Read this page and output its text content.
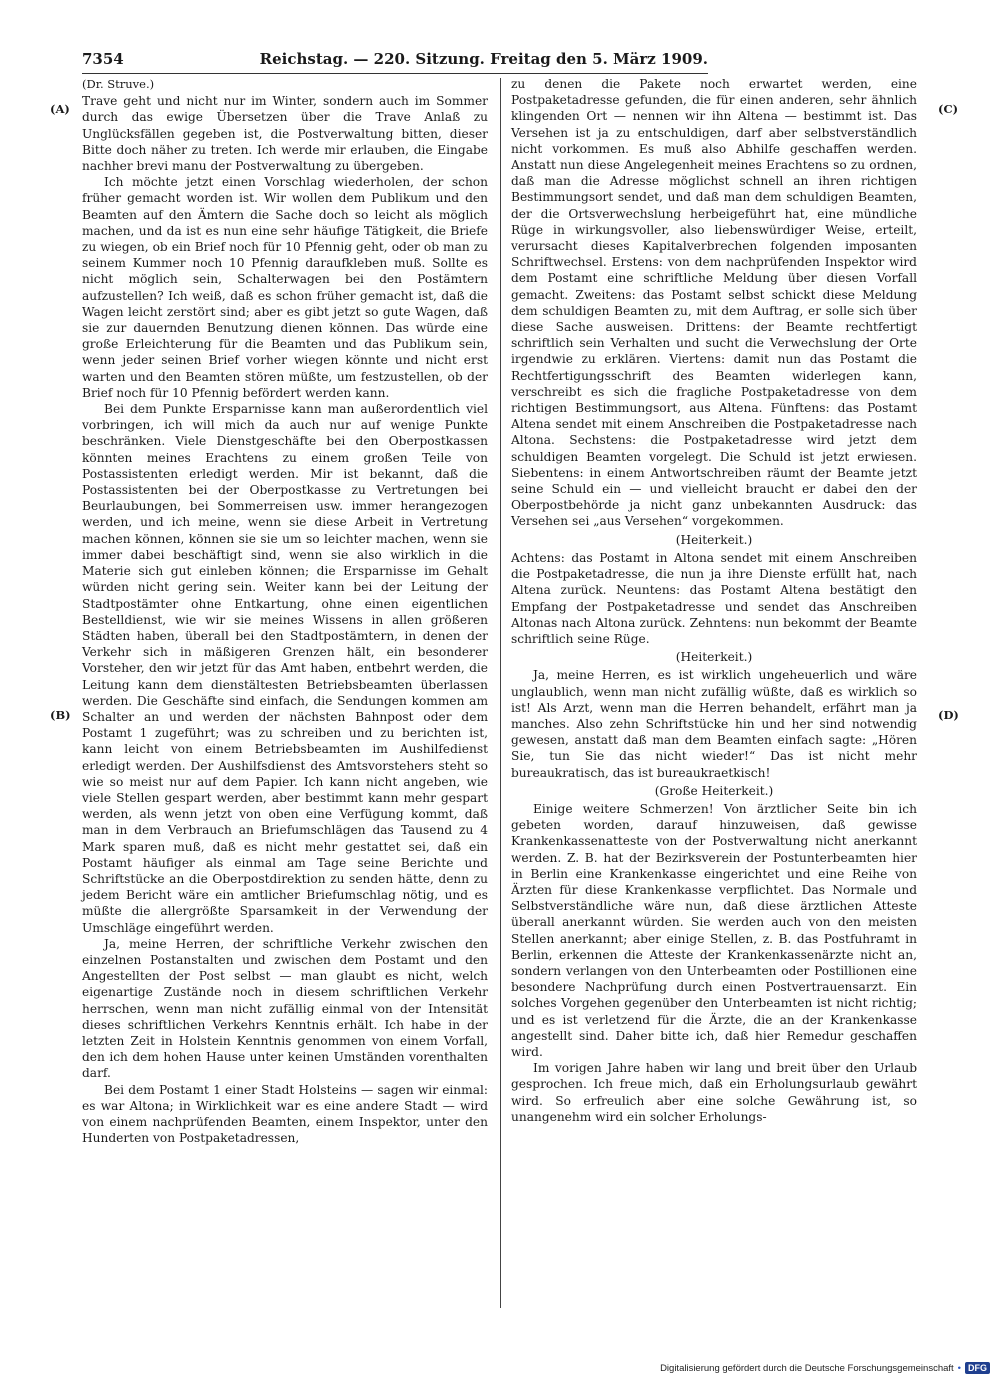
7354	Reichstag. — 220. Sitzung. Freitag den 5. März 1909.
(A)
(B)
(C)
(D)
(Dr. Struve.)

Trave geht und nicht nur im Winter, sondern auch im Sommer durch das ewige Übersetzen über die Trave Anlaß zu Unglücksfällen gegeben ist, die Postverwaltung bitten, dieser Bitte doch näher zu treten. Ich werde mir erlauben, die Eingabe nachher brevi manu der Postverwaltung zu übergeben.

Ich möchte jetzt einen Vorschlag wiederholen, der schon früher gemacht worden ist. Wir wollen dem Publikum und den Beamten auf den Ämtern die Sache doch so leicht als möglich machen, und da ist es nun eine sehr häufige Tätigkeit, die Briefe zu wiegen, ob ein Brief noch für 10 Pfennig geht, oder ob man zu seinem Kummer noch 10 Pfennig daraufkleben muß. Sollte es nicht möglich sein, Schalterwagen bei den Postämtern aufzustellen? Ich weiß, daß es schon früher gemacht ist, daß die Wagen leicht zerstört sind; aber es gibt jetzt so gute Wagen, daß sie zur dauernden Benutzung dienen können. Das würde eine große Erleichterung für die Beamten und das Publikum sein, wenn jeder seinen Brief vorher wiegen könnte und nicht erst warten und den Beamten stören müßte, um festzustellen, ob der Brief noch für 10 Pfennig befördert werden kann.

Bei dem Punkte Ersparnisse kann man außerordentlich viel vorbringen, ich will mich da auch nur auf wenige Punkte beschränken. Viele Dienstgeschäfte bei den Oberpostkassen könnten meines Erachtens zu einem großen Teile von Postassistenten erledigt werden. Mir ist bekannt, daß die Postassistenten bei der Oberpostkasse zu Vertretungen bei Beurlaubungen, bei Sommerreisen usw. immer herangezogen werden, und ich meine, wenn sie diese Arbeit in Vertretung machen können, können sie sie um so leichter machen, wenn sie immer dabei beschäftigt sind, wenn sie also wirklich in die Materie sich gut einleben können; die Ersparnisse im Gehalt würden nicht gering sein. Weiter kann bei der Leitung der Stadtpostämter ohne Entkartung, ohne einen eigentlichen Bestelldienst, wie wir sie meines Wissens in allen größeren Städten haben, überall bei den Stadtpostämtern, in denen der Verkehr sich in mäßigeren Grenzen hält, ein besonderer Vorsteher, den wir jetzt für das Amt haben, entbehrt werden, die Leitung kann dem dienstältesten Betriebsbeamten überlassen werden. Die Geschäfte sind einfach, die Sendungen kommen am Schalter an und werden der nächsten Bahnpost oder dem Postamt 1 zugeführt; was zu schreiben und zu berichten ist, kann leicht von einem Betriebsbeamten im Aushilfedienst erledigt werden. Der Aushilfsdienst des Amtsvorstehers steht so wie so meist nur auf dem Papier. Ich kann nicht angeben, wie viele Stellen gespart werden, aber bestimmt kann mehr gespart werden, als wenn jetzt von oben eine Verfügung kommt, daß man in dem Verbrauch an Briefumschlägen das Tausend zu 4 Mark sparen muß, daß es nicht mehr gestattet sei, daß ein Postamt häufiger als einmal am Tage seine Berichte und Schriftstücke an die Oberpostdirektion zu senden hätte, denn zu jedem Bericht wäre ein amtlicher Briefumschlag nötig, und es müßte die allergrößte Sparsamkeit in der Verwendung der Umschläge eingeführt werden.

Ja, meine Herren, der schriftliche Verkehr zwischen den einzelnen Postanstalten und zwischen dem Postamt und den Angestellten der Post selbst — man glaubt es nicht, welch eigenartige Zustände noch in diesem schriftlichen Verkehr herrschen, wenn man nicht zufällig einmal von der Intensität dieses schriftlichen Verkehrs Kenntnis erhält. Ich habe in der letzten Zeit in Holstein Kenntnis genommen von einem Vorfall, den ich dem hohen Hause unter keinen Umständen vorenthalten darf.

Bei dem Postamt 1 einer Stadt Holsteins — sagen wir einmal: es war Altona; in Wirklichkeit war es eine andere Stadt — wird von einem nachprüfenden Beamten, einem Inspektor, unter den Hunderten von Postpaketadressen,

zu denen die Pakete noch erwartet werden, eine Postpaketadresse gefunden, die für einen anderen, sehr ähnlich klingenden Ort — nennen wir ihn Altena — bestimmt ist. Das Versehen ist ja zu entschuldigen, darf aber selbstverständlich nicht vorkommen. Es muß also Abhilfe geschaffen werden. Anstatt nun diese Angelegenheit meines Erachtens so zu ordnen, daß man die Adresse möglichst schnell an ihren richtigen Bestimmungsort sendet, und daß man dem schuldigen Beamten, der die Ortsverwechslung herbeigeführt hat, eine mündliche Rüge in wirkungsvoller, also liebenswürdiger Weise, erteilt, verursacht dieses Kapitalverbrechen folgenden imposanten Schriftwechsel. Erstens: von dem nachprüfenden Inspektor wird dem Postamt eine schriftliche Meldung über diesen Vorfall gemacht. Zweitens: das Postamt selbst schickt diese Meldung dem schuldigen Beamten zu, mit dem Auftrag, er solle sich über diese Sache ausweisen. Drittens: der Beamte rechtfertigt schriftlich sein Verhalten und sucht die Verwechslung der Orte irgendwie zu erklären. Viertens: damit nun das Postamt die Rechtfertigungsschrift des Beamten widerlegen kann, verschreibt es sich die fragliche Postpaketadresse von dem richtigen Bestimmungsort, aus Altena. Fünftens: das Postamt Altena sendet mit einem Anschreiben die Postpaketadresse nach Altona. Sechstens: die Postpaketadresse wird jetzt dem schuldigen Beamten vorgelegt. Die Schuld ist jetzt erwiesen. Siebentens: in einem Antwortschreiben räumt der Beamte jetzt seine Schuld ein — und vielleicht braucht er dabei den der Oberpostbehörde ja nicht ganz unbekannten Ausdruck: das Versehen sei „aus Versehen“ vorgekommen.

(Heiterkeit.)

Achtens: das Postamt in Altona sendet mit einem Anschreiben die Postpaketadresse, die nun ja ihre Dienste erfüllt hat, nach Altena zurück. Neuntens: das Postamt Altena bestätigt den Empfang der Postpaketadresse und sendet das Anschreiben Altonas nach Altona zurück. Zehntens: nun bekommt der Beamte schriftlich seine Rüge.

(Heiterkeit.)

Ja, meine Herren, es ist wirklich ungeheuerlich und wäre unglaublich, wenn man nicht zufällig wüßte, daß es wirklich so ist! Als Arzt, wenn man die Herren behandelt, erfährt man ja manches. Also zehn Schriftstücke hin und her sind notwendig gewesen, anstatt daß man dem Beamten einfach sagte: „Hören Sie, tun Sie das nicht wieder!“ Das ist nicht mehr bureaukratisch, das ist bureaukraetkisch!

(Große Heiterkeit.)

Einige weitere Schmerzen! Von ärztlicher Seite bin ich gebeten worden, darauf hinzuweisen, daß gewisse Krankenkassenatteste von der Postverwaltung nicht anerkannt werden. Z. B. hat der Bezirksverein der Postunterbeamten hier in Berlin eine Krankenkasse eingerichtet und eine Reihe von Ärzten für diese Krankenkasse verpflichtet. Das Normale und Selbstverständliche wäre nun, daß diese ärztlichen Atteste überall anerkannt würden. Sie werden auch von den meisten Stellen anerkannt; aber einige Stellen, z. B. das Postfuhramt in Berlin, erkennen die Atteste der Krankenkassenärzte nicht an, sondern verlangen von den Unterbeamten oder Postillionen eine besondere Nachprüfung durch einen Postvertrauensarzt. Ein solches Vorgehen gegenüber den Unterbeamten ist nicht richtig; und es ist verletzend für die Ärzte, die an der Krankenkasse angestellt sind. Daher bitte ich, daß hier Remedur geschaffen wird.

Im vorigen Jahre haben wir lang und breit über den Urlaub gesprochen. Ich freue mich, daß ein Erholungsurlaub gewährt wird. So erfreulich aber eine solche Gewährung ist, so unangenehm wird ein solcher Erholungs-

Digitalisierung gefördert durch die Deutsche Forschungsgemeinschaft • DFG
